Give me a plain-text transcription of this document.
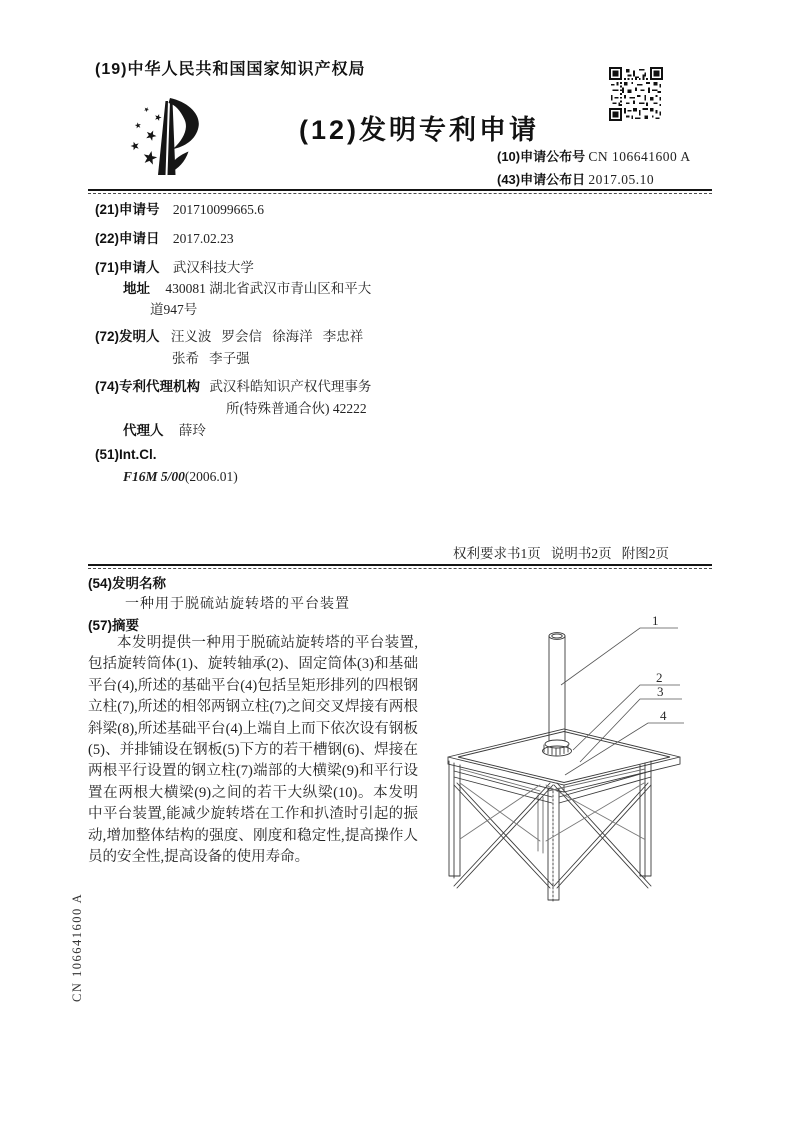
(19)中华人民共和国国家知识产权局
(12)发明专利申请
(10)申请公布号 CN 106641600 A
(43)申请公布日 2017.05.10
(21)申请号 201710099665.6
(22)申请日 2017.02.23
(71)申请人 武汉科技大学
地址 430081 湖北省武汉市青山区和平大
道947号
(72)发明人 汪义波   罗会信   徐海洋   李忠祥
张希   李子强
(74)专利代理机构 武汉科皓知识产权代理事务
所(特殊普通合伙) 42222
代理人 薛玲
(51)Int.Cl.
F16M 5/00(2006.01)
权利要求书1页   说明书2页   附图2页
(54)发明名称
一种用于脱硫站旋转塔的平台装置
(57)摘要

本发明提供一种用于脱硫站旋转塔的平台装置,包括旋转筒体(1)、旋转轴承(2)、固定筒体(3)和基础平台(4),所述的基础平台(4)包括呈矩形排列的四根钢立柱(7),所述的相邻两钢立柱(7)之间交叉焊接有两根斜梁(8),所述基础平台(4)上端自上而下依次设有钢板(5)、并排铺设在钢板(5)下方的若干槽钢(6)、焊接在两根平行设置的钢立柱(7)端部的大横梁(9)和平行设置在两根大横梁(9)之间的若干大纵梁(10)。本发明中平台装置,能减少旋转塔在工作和扒渣时引起的振动,增加整体结构的强度、刚度和稳定性,提高操作人员的安全性,提高设备的使用寿命。

1
2
3
4
CN 106641600 A
